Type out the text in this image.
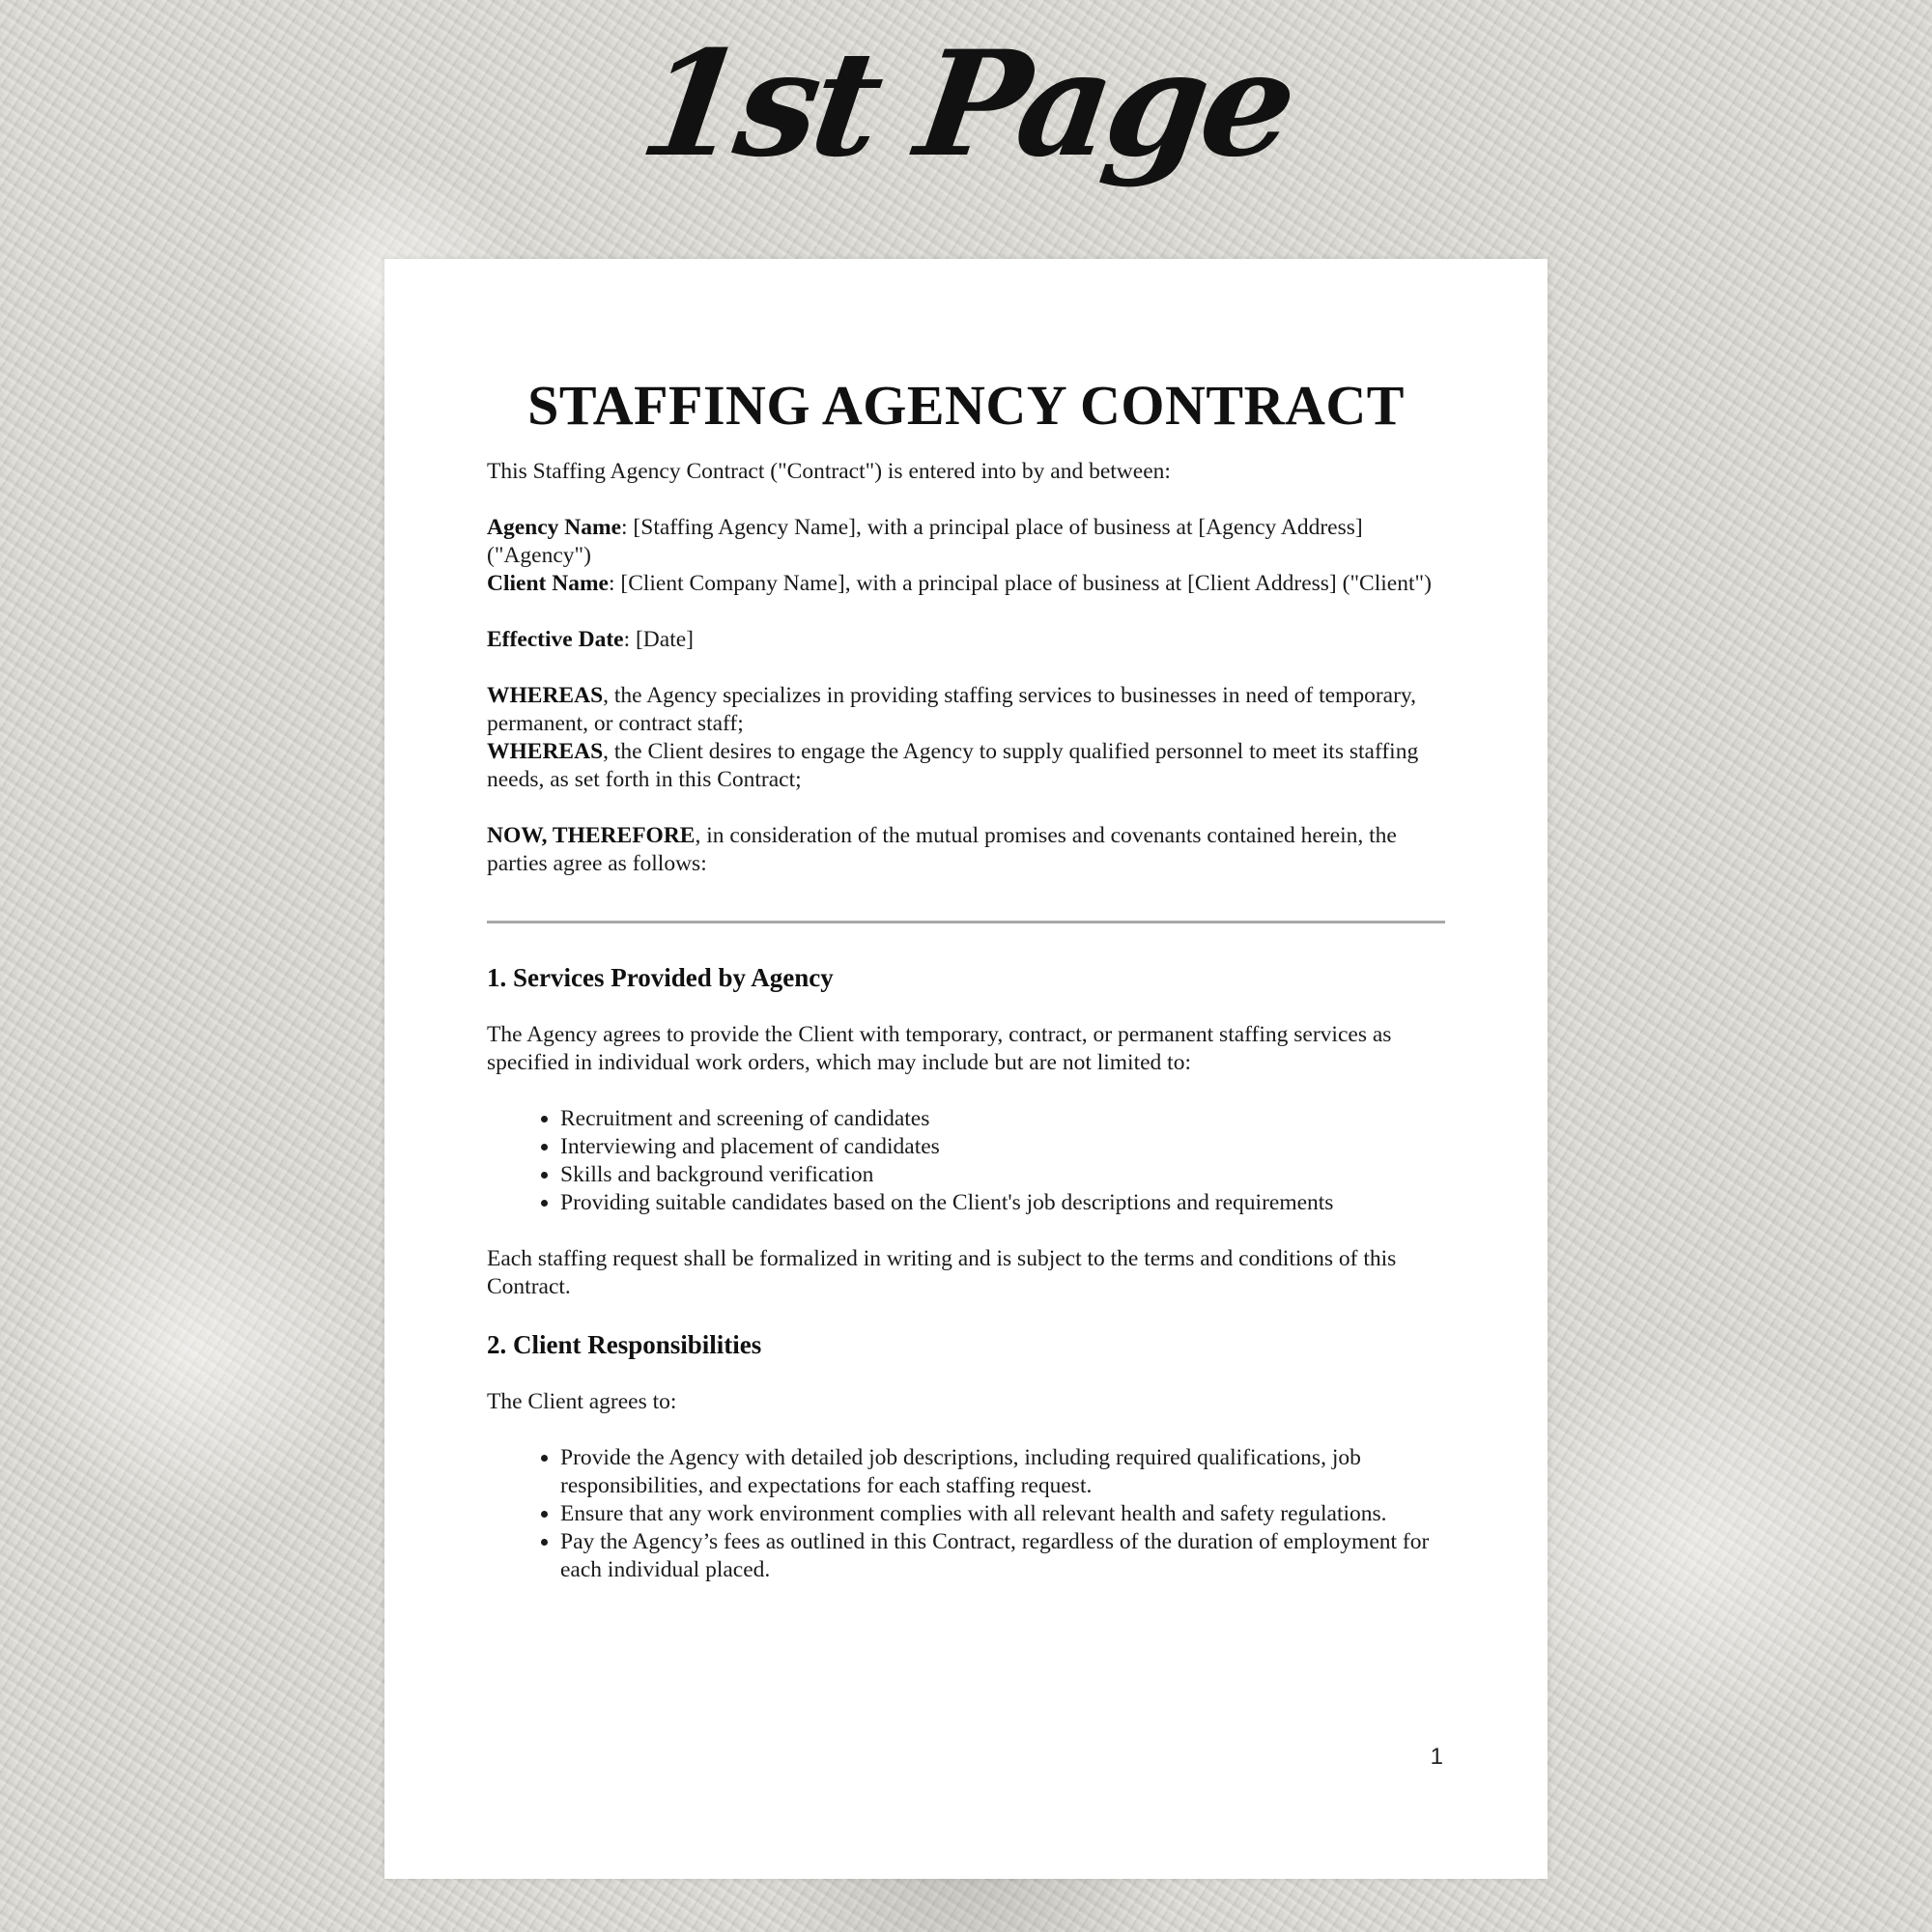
1st Page
STAFFING AGENCY CONTRACT

This Staffing Agency Contract ("Contract") is entered into by and between:

Agency Name: [Staffing Agency Name], with a principal place of business at [Agency Address] ("Agency")

Client Name: [Client Company Name], with a principal place of business at [Client Address] ("Client")

Effective Date: [Date]

WHEREAS, the Agency specializes in providing staffing services to businesses in need of temporary, permanent, or contract staff;

WHEREAS, the Client desires to engage the Agency to supply qualified personnel to meet its staffing needs, as set forth in this Contract;

NOW, THEREFORE, in consideration of the mutual promises and covenants contained herein, the parties agree as follows:

1. Services Provided by Agency

The Agency agrees to provide the Client with temporary, contract, or permanent staffing services as specified in individual work orders, which may include but are not limited to:

• Recruitment and screening of candidates
• Interviewing and placement of candidates
• Skills and background verification
• Providing suitable candidates based on the Client's job descriptions and requirements

Each staffing request shall be formalized in writing and is subject to the terms and conditions of this Contract.

2. Client Responsibilities

The Client agrees to:

• Provide the Agency with detailed job descriptions, including required qualifications, job responsibilities, and expectations for each staffing request.
• Ensure that any work environment complies with all relevant health and safety regulations.
• Pay the Agency’s fees as outlined in this Contract, regardless of the duration of employment for each individual placed.
1
